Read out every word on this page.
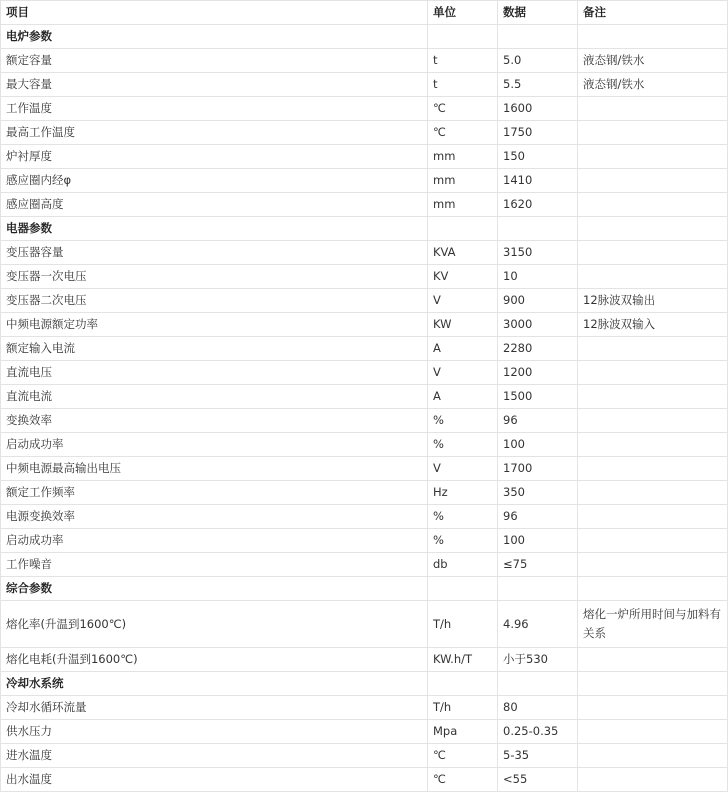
项目	单位	数据	备注
电炉参数			
额定容量	t	5.0	液态钢/铁水
最大容量	t	5.5	液态钢/铁水
工作温度	℃	1600	
最高工作温度	℃	1750	
炉衬厚度	mm	150	
感应圈内经φ	mm	1410	
感应圈高度	mm	1620	
电器参数			
变压器容量	KVA	3150	
变压器一次电压	KV	10	
变压器二次电压	V	900	12脉波双输出
中频电源额定功率	KW	3000	12脉波双输入
额定输入电流	A	2280	
直流电压	V	1200	
直流电流	A	1500	
变换效率	%	96	
启动成功率	%	100	
中频电源最高输出电压	V	1700	
额定工作频率	Hz	350	
电源变换效率	%	96	
启动成功率	%	100	
工作噪音	db	≤75	
综合参数			
熔化率(升温到1600℃)	T/h	4.96	熔化一炉所用时间与加料有关系
熔化电耗(升温到1600℃)	KW.h/T	小于530	
冷却水系统			
冷却水循环流量	T/h	80	
供水压力	Mpa	0.25-0.35	
进水温度	℃	5-35	
出水温度	℃	<55	
